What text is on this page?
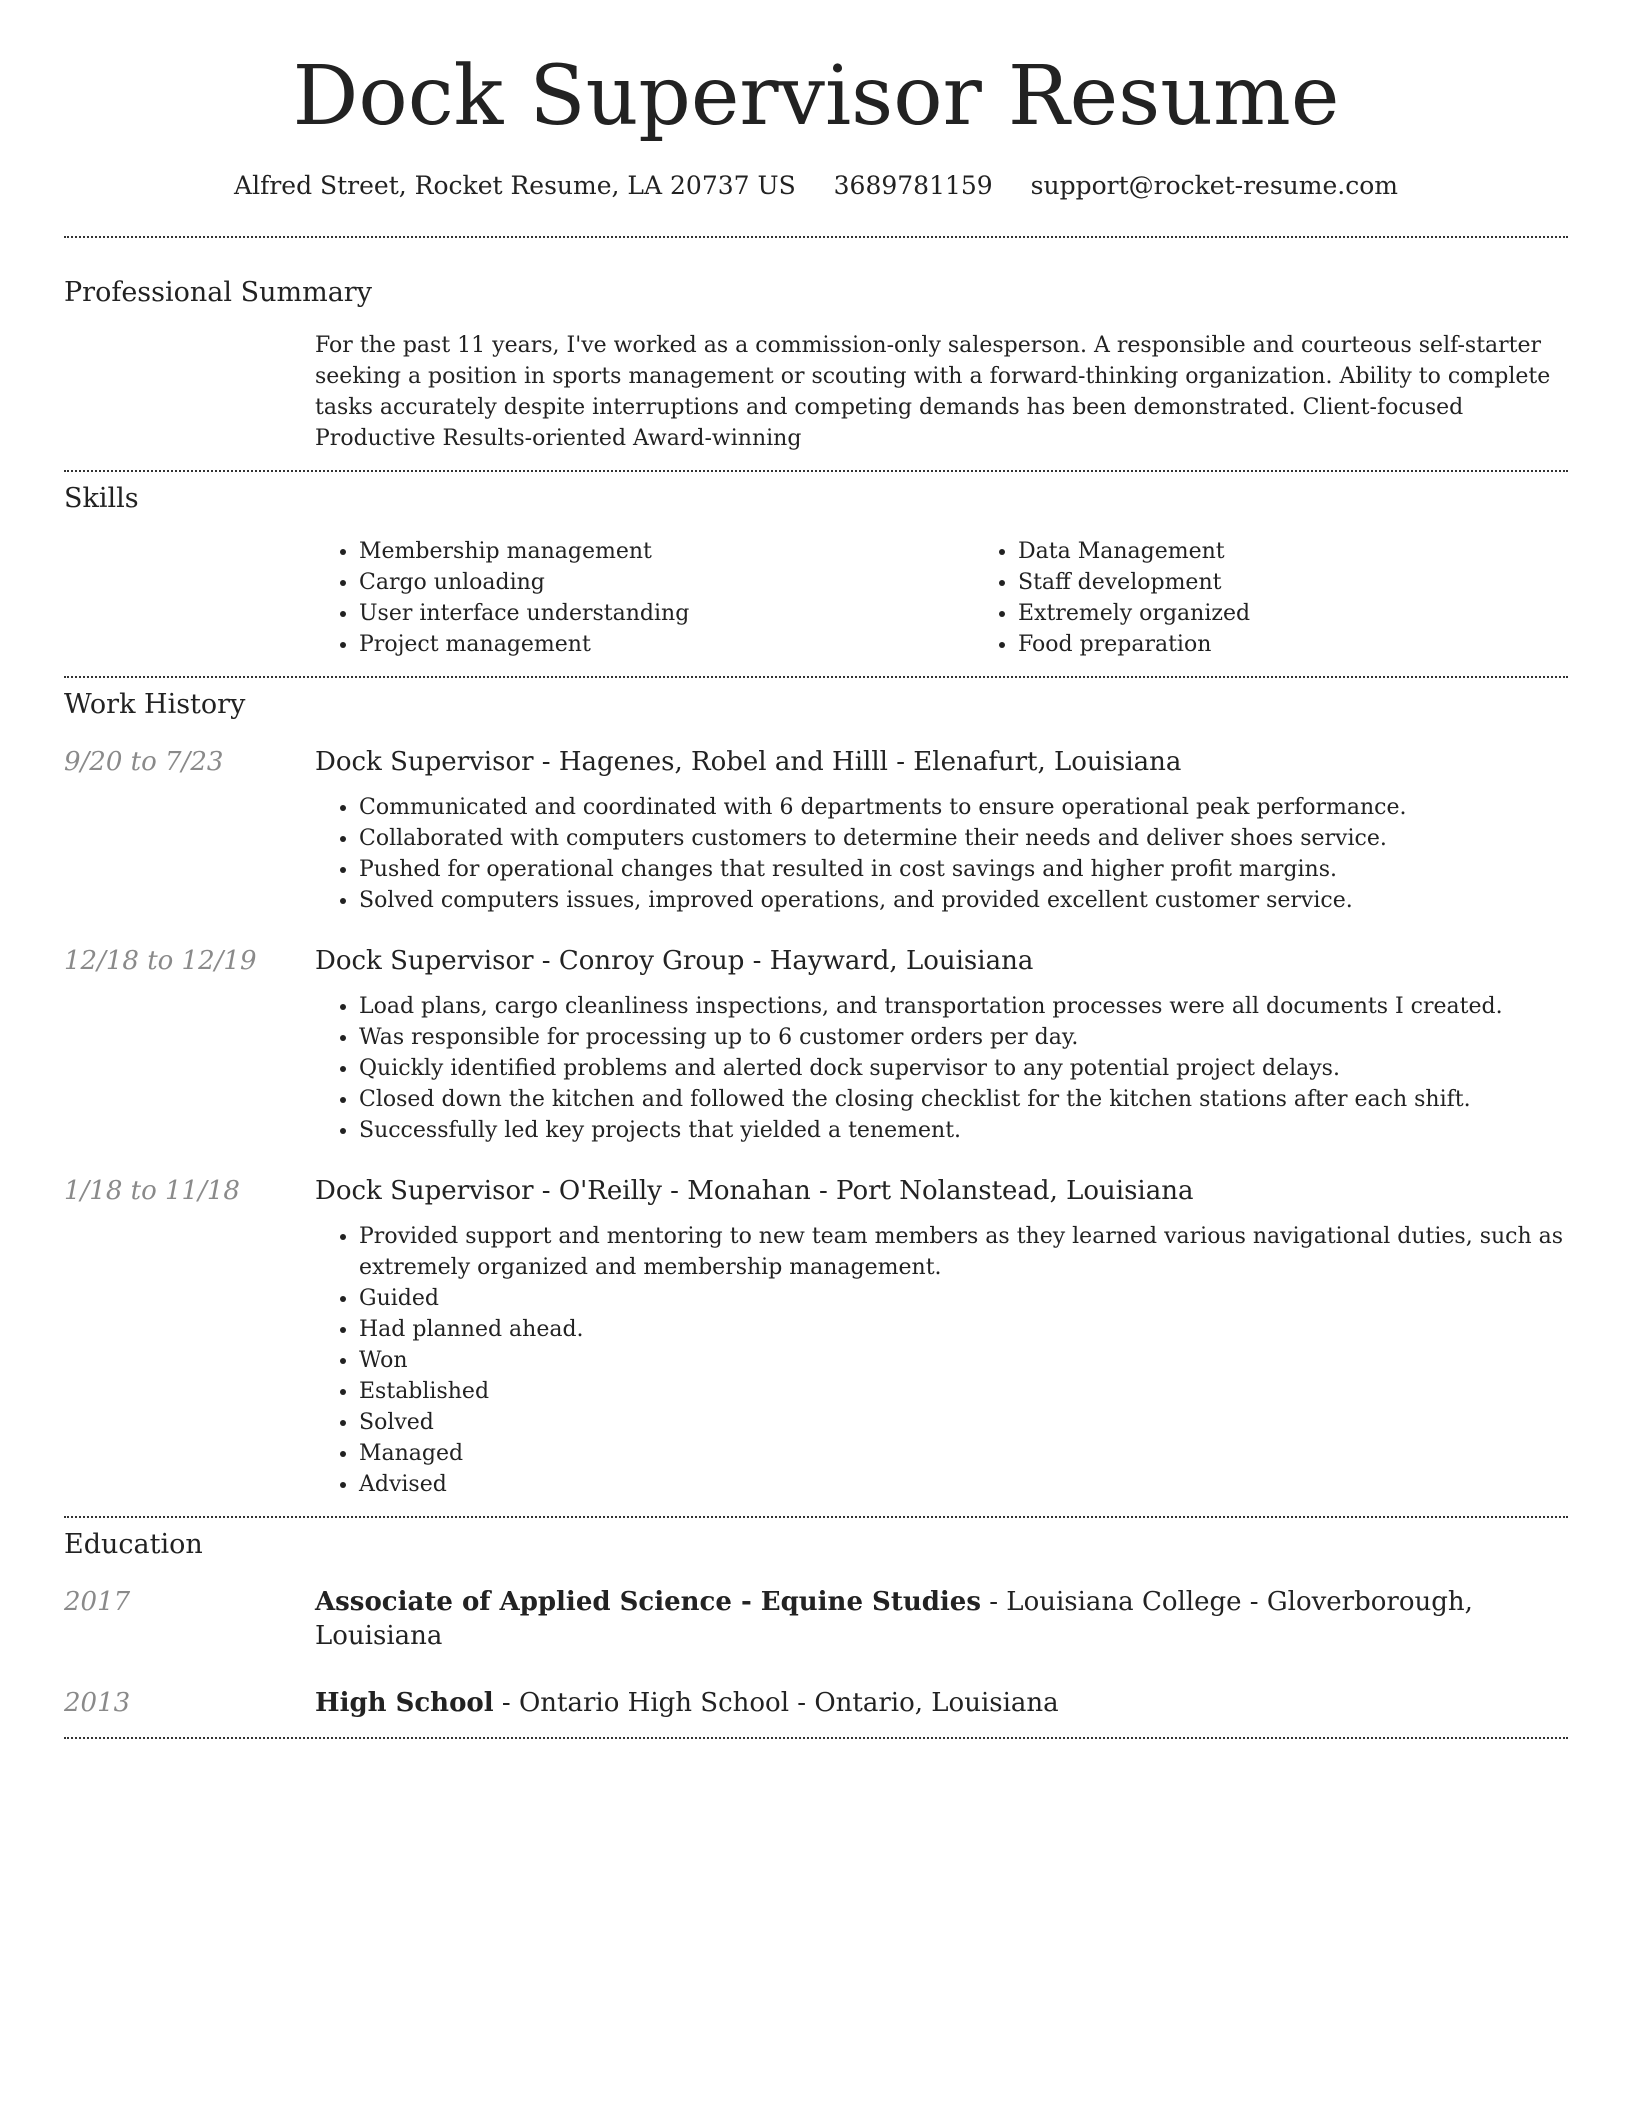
Dock Supervisor Resume
Alfred Street, Rocket Resume, LA 20737 US 3689781159 support@rocket-resume.com
Professional Summary

For the past 11 years, I've worked as a commission-only salesperson. A responsible and courteous self-starter seeking a position in sports management or scouting with a forward-thinking organization. Ability to complete tasks accurately despite interruptions and competing demands has been demonstrated. Client-focused Productive Results-oriented Award-winning

Skills
• Membership management
• Cargo unloading
• User interface understanding
• Project management
• Data Management
• Staff development
• Extremely organized
• Food preparation
Work History
9/20 to 7/23	Dock Supervisor - Hagenes, Robel and Hilll - Elenafurt, Louisiana
• Communicated and coordinated with 6 departments to ensure operational peak performance.
• Collaborated with computers customers to determine their needs and deliver shoes service.
• Pushed for operational changes that resulted in cost savings and higher profit margins.
• Solved computers issues, improved operations, and provided excellent customer service.
12/18 to 12/19	Dock Supervisor - Conroy Group - Hayward, Louisiana
• Load plans, cargo cleanliness inspections, and transportation processes were all documents I created.
• Was responsible for processing up to 6 customer orders per day.
• Quickly identified problems and alerted dock supervisor to any potential project delays.
• Closed down the kitchen and followed the closing checklist for the kitchen stations after each shift.
• Successfully led key projects that yielded a tenement.
1/18 to 11/18	Dock Supervisor - O'Reilly - Monahan - Port Nolanstead, Louisiana
• Provided support and mentoring to new team members as they learned various navigational duties, such as extremely organized and membership management.
• Guided
• Had planned ahead.
• Won
• Established
• Solved
• Managed
• Advised
Education
2017	Associate of Applied Science - Equine Studies - Louisiana College - Gloverborough, Louisiana
2013	High School - Ontario High School - Ontario, Louisiana
